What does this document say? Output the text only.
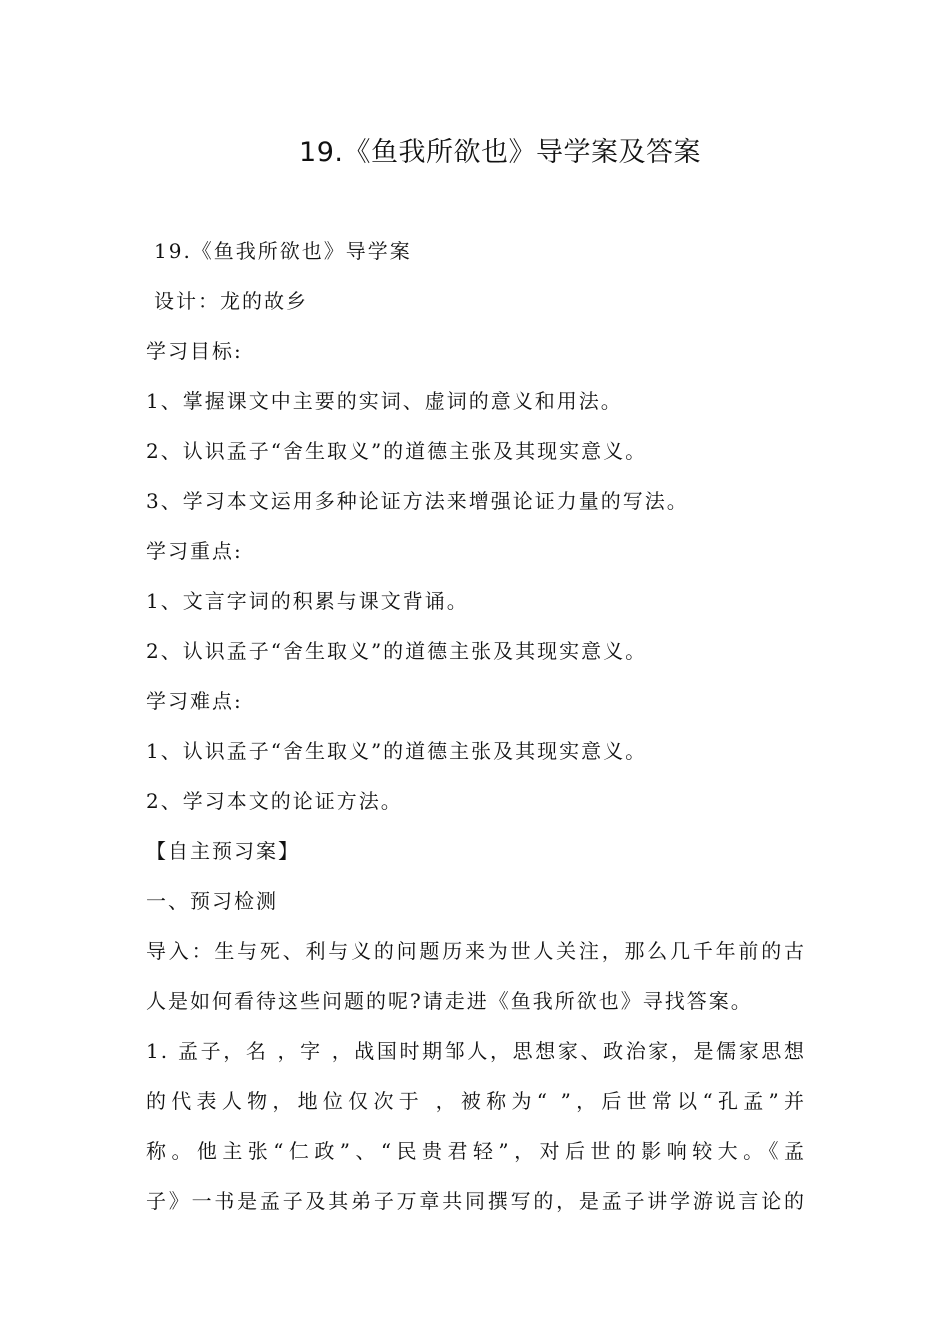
19.《鱼我所欲也》导学案及答案
19.《鱼我所欲也》导学案
设计：龙的故乡
学习目标:
1、掌握课文中主要的实词、虚词的意义和用法。
2、认识孟子“舍生取义”的道德主张及其现实意义。
3、学习本文运用多种论证方法来增强论证力量的写法。
学习重点:
1、文言字词的积累与课文背诵。
2、认识孟子“舍生取义”的道德主张及其现实意义。
学习难点:
1、认识孟子“舍生取义”的道德主张及其现实意义。
2、学习本文的论证方法。
【自主预习案】
一、预习检测
导入：生与死、利与义的问题历来为世人关注，那么几千年前的古
人是如何看待这些问题的呢?请走进《鱼我所欲也》寻找答案。
1. 孟子，名 ，字 ，战国时期邹人，思想家、政治家，是儒家思想
的代表人物，地位仅次于 ，被称为“ ”，后世常以“孔孟”并
称。他主张“仁政”、“民贵君轻”，对后世的影响较大。《孟
子》一书是孟子及其弟子万章共同撰写的，是孟子讲学游说言论的
